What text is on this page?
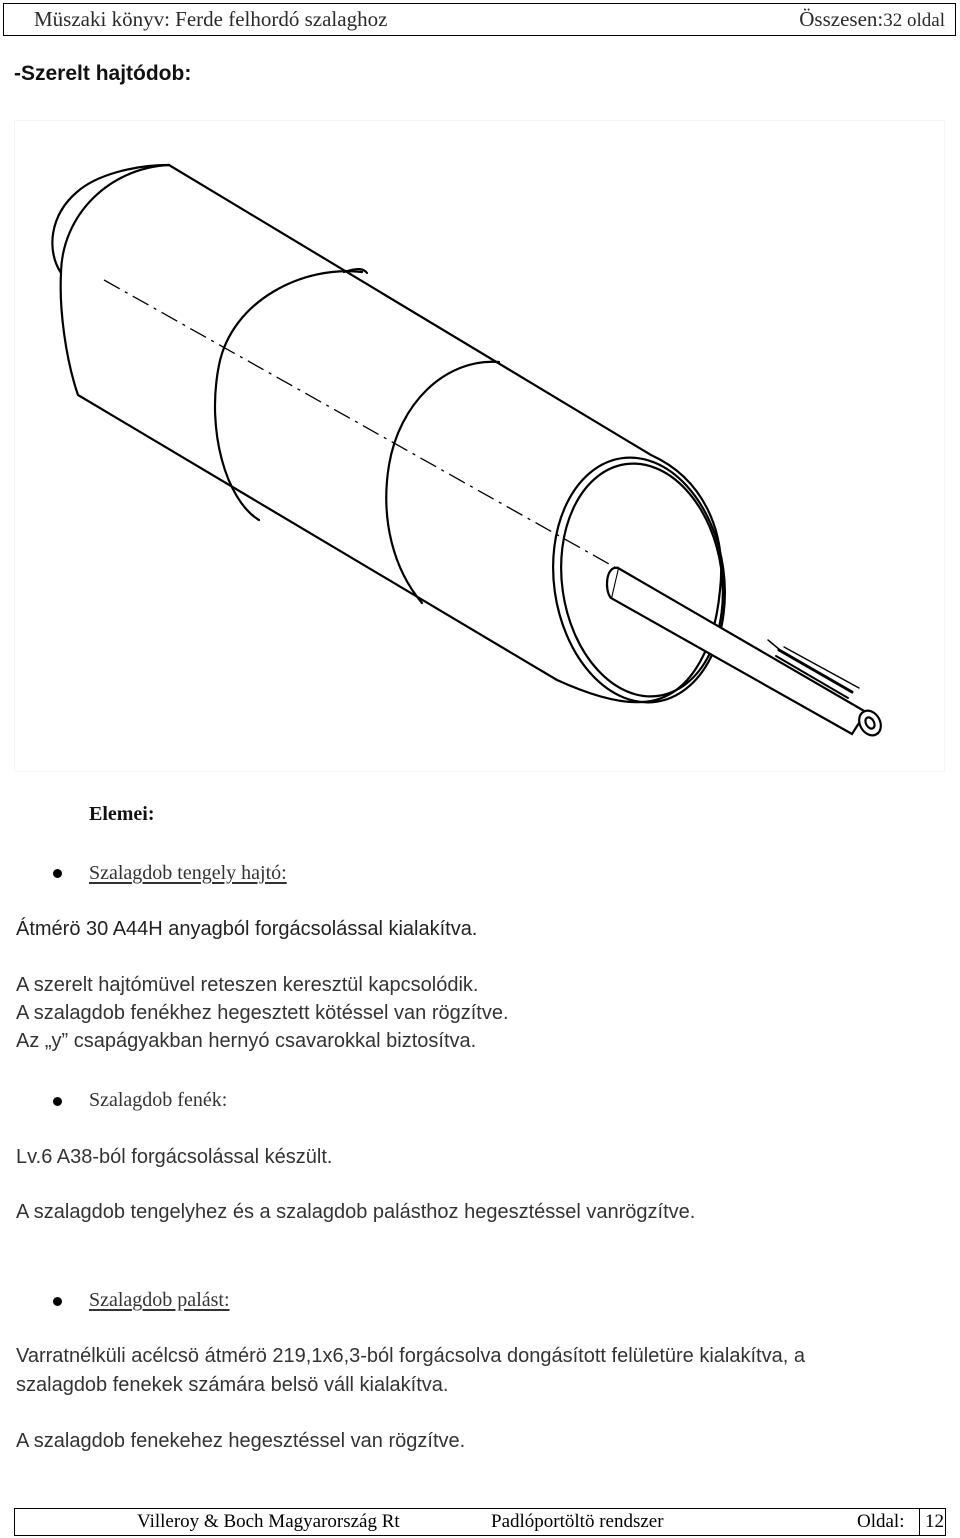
Müszaki könyv: Ferde felhordó szalaghoz	Összesen:32 oldal
-Szerelt hajtódob:
Elemei:
Szalagdob tengely hajtó:
Átmérö 30 A44H anyagból forgácsolással kialakítva.
A szerelt hajtómüvel reteszen keresztül kapcsolódik.
A szalagdob fenékhez hegesztett kötéssel van rögzítve.
Az „y” csapágyakban hernyó csavarokkal biztosítva.
Szalagdob fenék:
Lv.6 A38-ból forgácsolással készült.
A szalagdob tengelyhez és a szalagdob palásthoz hegesztéssel vanrögzítve.
Szalagdob palást:
Varratnélküli acélcsö átmérö 219,1x6,3-ból forgácsolva dongásított felületüre kialakítva, a
szalagdob fenekek számára belsö váll kialakítva.
A szalagdob fenekehez hegesztéssel van rögzítve.
Villeroy & Boch Magyarország Rt	Padlóportöltö rendszer	Oldal: 12
